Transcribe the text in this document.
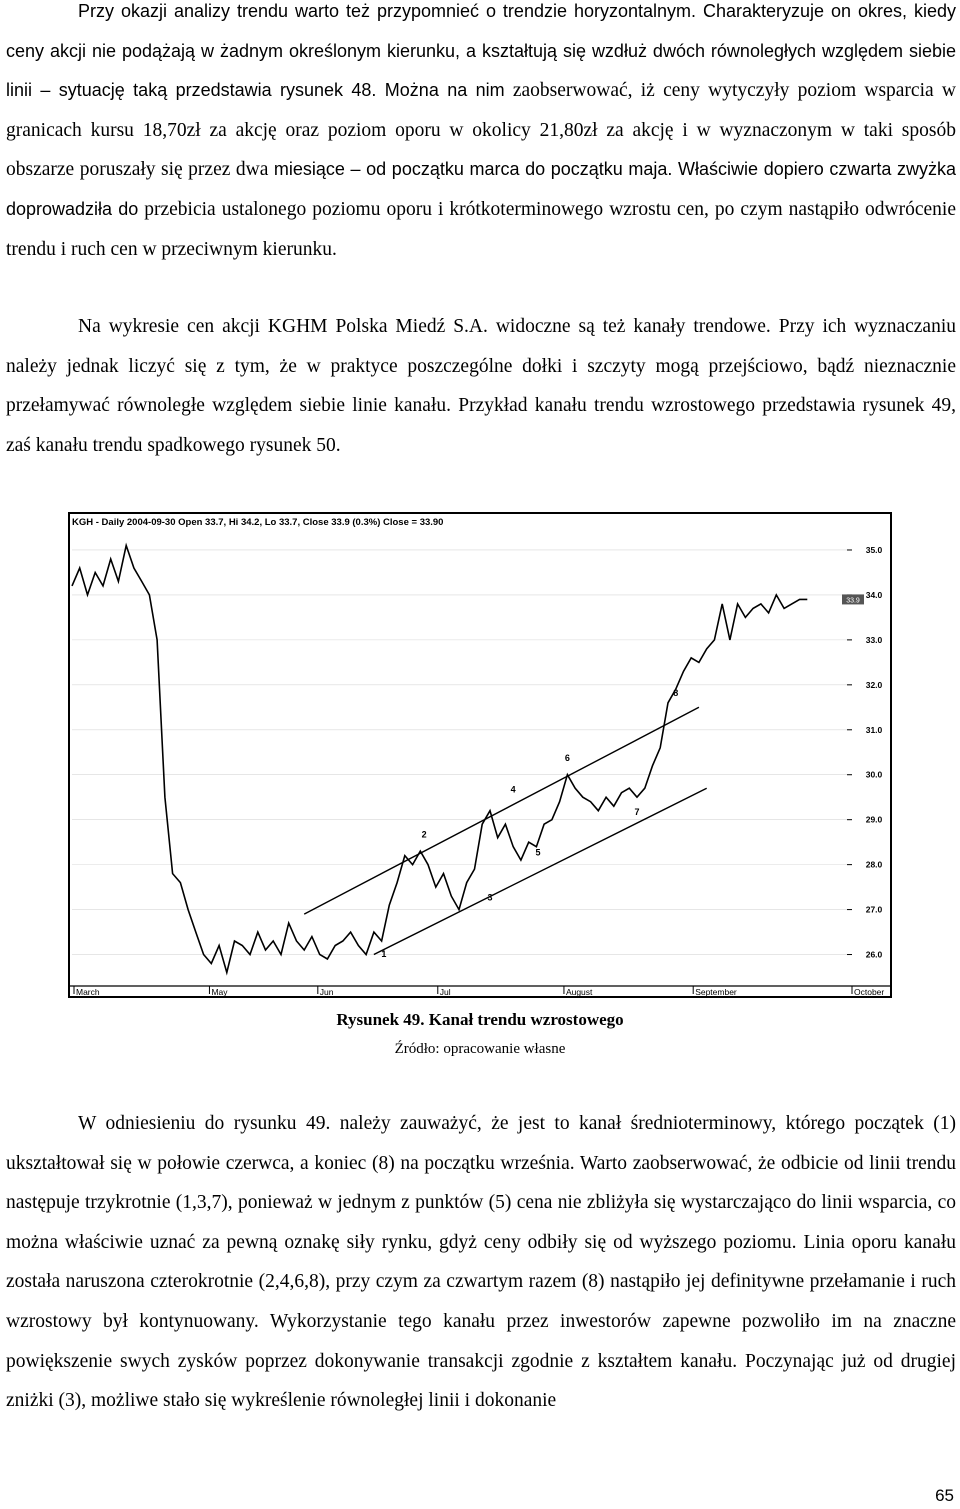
Przy okazji analizy trendu warto też przypomnieć o trendzie horyzontalnym. Charakteryzuje on okres, kiedy ceny akcji nie podążają w żadnym określonym kierunku, a kształtują się wzdłuż dwóch równoległych względem siebie linii – sytuację taką przedstawia rysunek 48. Można na nim zaobserwować, iż ceny wytyczyły poziom wsparcia w granicach kursu 18,70zł za akcję oraz poziom oporu w okolicy 21,80zł za akcję i w wyznaczonym w taki sposób obszarze poruszały się przez dwa miesiące – od początku marca do początku maja. Właściwie dopiero czwarta zwyżka doprowadziła do przebicia ustalonego poziomu oporu i krótkoterminowego wzrostu cen, po czym nastąpiło odwrócenie trendu i ruch cen w przeciwnym kierunku.

Na wykresie cen akcji KGHM Polska Miedź S.A. widoczne są też kanały trendowe. Przy ich wyznaczaniu należy jednak liczyć się z tym, że w praktyce poszczególne dołki i szczyty mogą przejściowo, bądź nieznacznie przełamywać równoległe względem siebie linie kanału. Przykład kanału trendu wzrostowego przedstawia rysunek 49, zaś kanału trendu spadkowego rysunek 50.

KGH - Daily 2004-09-30 Open 33.7, Hi 34.2, Lo 33.7, Close 33.9 (0.3%) Close = 33.90
35.0
34.0
33.0
32.0
31.0
30.0
29.0
28.0
27.0
26.0
March	May	Jun	Jul	August	September	October
1
2
3
4
5
6
7
8
33.9

Rysunek 49. Kanał trendu wzrostowego

Źródło: opracowanie własne

W odniesieniu do rysunku 49. należy zauważyć, że jest to kanał średnioterminowy, którego początek (1) ukształtował się w połowie czerwca, a koniec (8) na początku września. Warto zaobserwować, że odbicie od linii trendu następuje trzykrotnie (1,3,7), ponieważ w jednym z punktów (5) cena nie zbliżyła się wystarczająco do linii wsparcia, co można właściwie uznać za pewną oznakę siły rynku, gdyż ceny odbiły się od wyższego poziomu. Linia oporu kanału została naruszona czterokrotnie (2,4,6,8), przy czym za czwartym razem (8) nastąpiło jej definitywne przełamanie i ruch wzrostowy był kontynuowany. Wykorzystanie tego kanału przez inwestorów zapewne pozwoliło im na znaczne powiększenie swych zysków poprzez dokonywanie transakcji zgodnie z kształtem kanału. Poczynając już od drugiej zniżki (3), możliwe stało się wykreślenie równoległej linii i dokonanie

65
